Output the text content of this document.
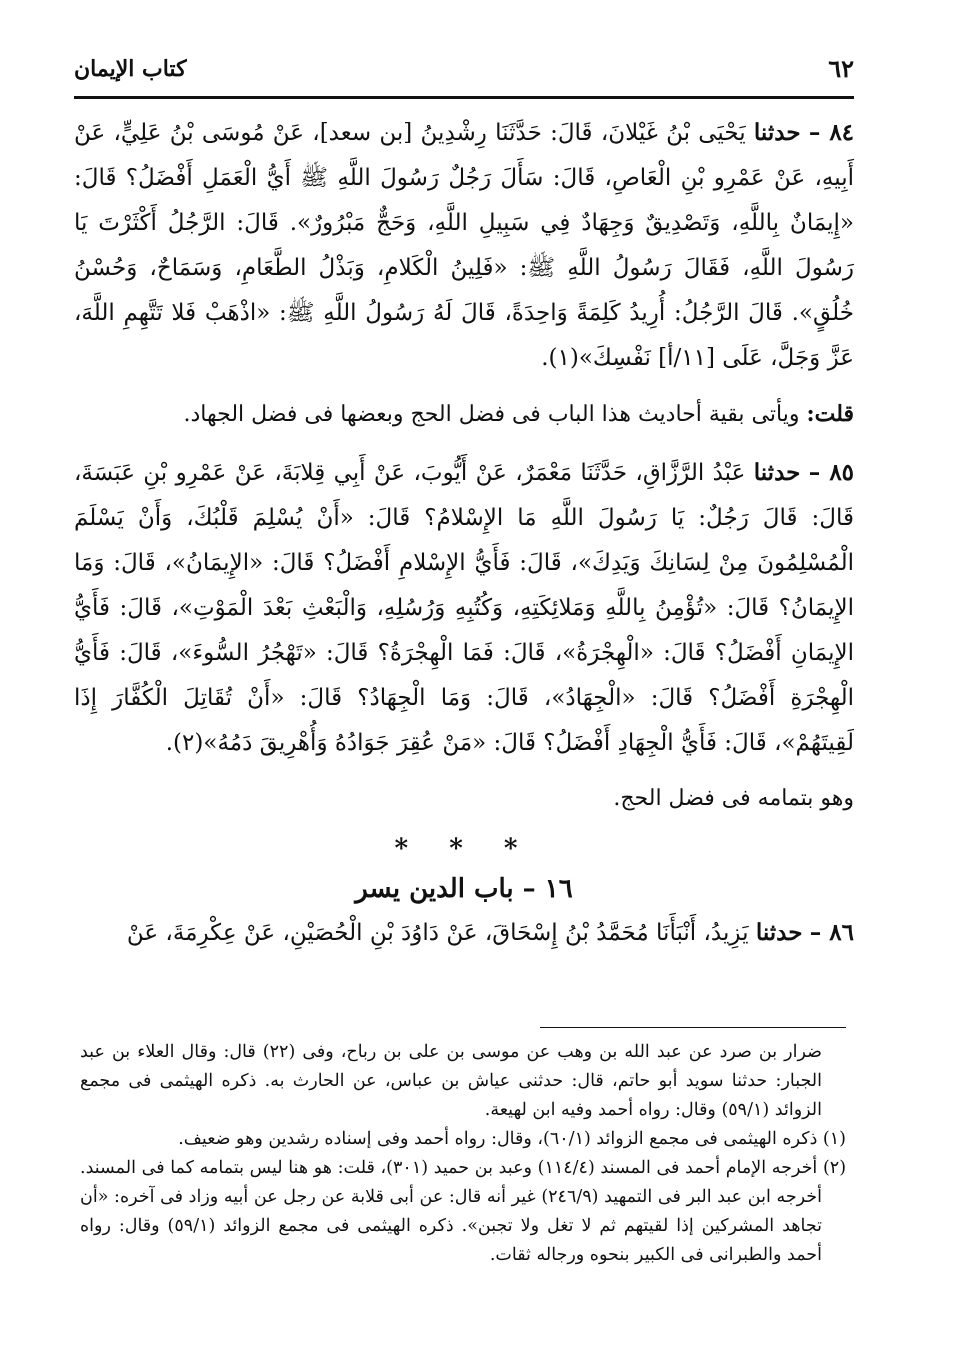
٦٢
كتاب الإيمان

٨٤ – حدثنا يَحْيَى بْنُ غَيْلانَ، قَالَ: حَدَّثَنَا رِشْدِينُ [بن سعد]، عَنْ مُوسَى بْنُ عَلِيٍّ، عَنْ أَبِيهِ، عَنْ عَمْرِو بْنِ الْعَاصِ، قَالَ: سَأَلَ رَجُلٌ رَسُولَ اللَّهِ ﷺ أَيُّ الْعَمَلِ أَفْضَلُ؟ قَالَ: «إِيمَانٌ بِاللَّهِ، وَتَصْدِيقٌ وَجِهَادٌ فِي سَبِيلِ اللَّهِ، وَحَجٌّ مَبْرُورٌ». قَالَ: الرَّجُلُ أَكْثَرْتَ يَا رَسُولَ اللَّهِ، فَقَالَ رَسُولُ اللَّهِ ﷺ: «فَلِينُ الْكَلامِ، وَبَذْلُ الطَّعَامِ، وَسَمَاحٌ، وَحُسْنُ خُلُقٍ». قَالَ الرَّجُلُ: أُرِيدُ كَلِمَةً وَاحِدَةً، قَالَ لَهُ رَسُولُ اللَّهِ ﷺ: «اذْهَبْ فَلا تَتَّهِمِ اللَّهَ، عَزَّ وَجَلَّ، عَلَى [١١/أ] نَفْسِكَ»(١).

قلت: ويأتى بقية أحاديث هذا الباب فى فضل الحج وبعضها فى فضل الجهاد.

٨٥ – حدثنا عَبْدُ الرَّزَّاقِ، حَدَّثَنَا مَعْمَرٌ، عَنْ أَيُّوبَ، عَنْ أَبِي قِلابَةَ، عَنْ عَمْرِو بْنِ عَبَسَةَ، قَالَ: قَالَ رَجُلٌ: يَا رَسُولَ اللَّهِ مَا الإِسْلامُ؟ قَالَ: «أَنْ يُسْلِمَ قَلْبُكَ، وَأَنْ يَسْلَمَ الْمُسْلِمُونَ مِنْ لِسَانِكَ وَيَدِكَ»، قَالَ: فَأَيُّ الإِسْلامِ أَفْضَلُ؟ قَالَ: «الإِيمَانُ»، قَالَ: وَمَا الإِيمَانُ؟ قَالَ: «تُؤْمِنُ بِاللَّهِ وَمَلائِكَتِهِ، وَكُتُبِهِ وَرُسُلِهِ، وَالْبَعْثِ بَعْدَ الْمَوْتِ»، قَالَ: فَأَيُّ الإِيمَانِ أَفْضَلُ؟ قَالَ: «الْهِجْرَةُ»، قَالَ: فَمَا الْهِجْرَةُ؟ قَالَ: «تَهْجُرُ السُّوءَ»، قَالَ: فَأَيُّ الْهِجْرَةِ أَفْضَلُ؟ قَالَ: «الْجِهَادُ»، قَالَ: وَمَا الْجِهَادُ؟ قَالَ: «أَنْ تُقَاتِلَ الْكُفَّارَ إِذَا لَقِيتَهُمْ»، قَالَ: فَأَيُّ الْجِهَادِ أَفْضَلُ؟ قَالَ: «مَنْ عُقِرَ جَوَادُهُ وَأُهْرِيقَ دَمُهُ»(٢).

وهو بتمامه فى فضل الحج.

* * *
١٦ – باب الدين يسر

٨٦ – حدثنا يَزِيدُ، أَنْبَأَنَا مُحَمَّدُ بْنُ إِسْحَاقَ، عَنْ دَاوُدَ بْنِ الْحُصَيْنِ، عَنْ عِكْرِمَةَ، عَنْ

ضرار بن صرد عن عبد الله بن وهب عن موسى بن على بن رباح، وفى (٢٢) قال: وقال العلاء بن عبد الجبار: حدثنا سويد أبو حاتم، قال: حدثنى عياش بن عباس، عن الحارث به. ذكره الهيثمى فى مجمع الزوائد (٥٩/١) وقال: رواه أحمد وفيه ابن لهيعة.

(١) ذكره الهيثمى فى مجمع الزوائد (٦٠/١)، وقال: رواه أحمد وفى إسناده رشدين وهو ضعيف.

(٢) أخرجه الإمام أحمد فى المسند (١١٤/٤) وعبد بن حميد (٣٠١)، قلت: هو هنا ليس بتمامه كما فى المسند. أخرجه ابن عبد البر فى التمهيد (٢٤٦/٩) غير أنه قال: عن أبى قلابة عن رجل عن أبيه وزاد فى آخره: «أن تجاهد المشركين إذا لقيتهم ثم لا تغل ولا تجبن». ذكره الهيثمى فى مجمع الزوائد (٥٩/١) وقال: رواه أحمد والطبرانى فى الكبير بنحوه ورجاله ثقات.
